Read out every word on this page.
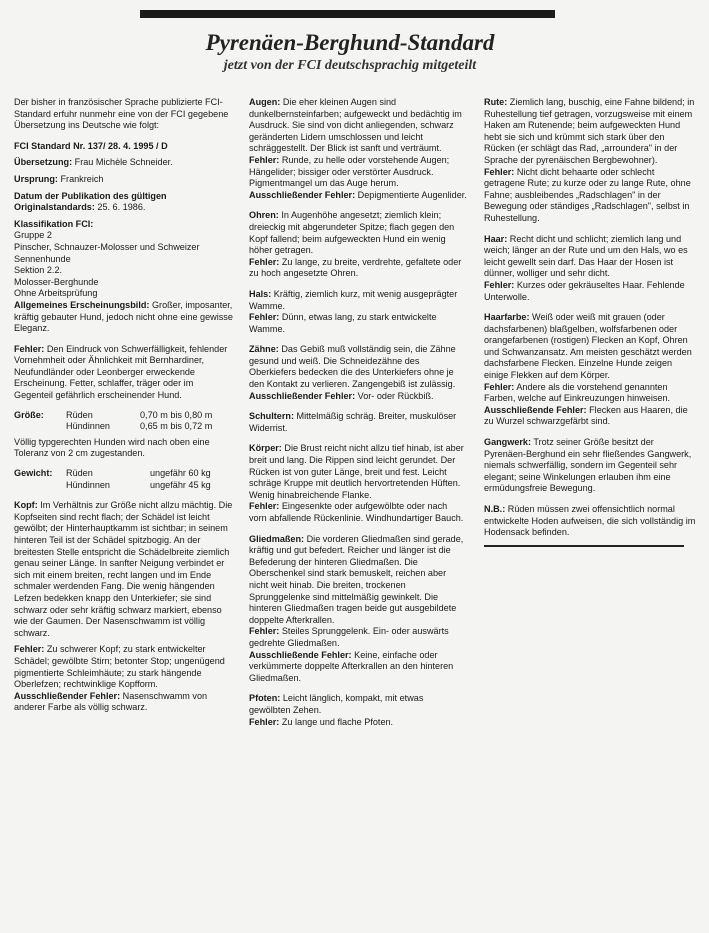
Pyrenäen-Berghund-Standard
jetzt von der FCI deutschsprachig mitgeteilt

Der bisher in französischer Sprache publizierte FCI-Standard erfuhr nunmehr eine von der FCI gegebene Übersetzung ins Deutsche wie folgt:

FCI Standard Nr. 137/ 28. 4. 1995 / D

Übersetzung: Frau Michèle Schneider.

Ursprung: Frankreich

Datum der Publikation des gültigen Originalstandards: 25. 6. 1986.

Klassifikation FCI:

Gruppe 2

Pinscher, Schnauzer-Molosser und Schweizer Sennenhunde

Sektion 2.2.

Molosser-Berghunde

Ohne Arbeitsprüfung

Allgemeines Erscheinungsbild: Großer, imposanter, kräftig gebauter Hund, jedoch nicht ohne eine gewisse Eleganz.

Fehler: Den Eindruck von Schwerfälligkeit, fehlender Vornehmheit oder Ähnlichkeit mit Bernhardiner, Neufundländer oder Leonberger erweckende Erscheinung. Fetter, schlaffer, träger oder im Gegenteil gefährlich erscheinender Hund.

Größe:	Rüden	0,70 m bis 0,80 m
	Hündinnen	0,65 m bis 0,72 m

Völlig typgerechten Hunden wird nach oben eine Toleranz von 2 cm zugestanden.

Gewicht:	Rüden	ungefähr 60 kg
	Hündinnen	ungefähr 45 kg

Kopf: Im Verhältnis zur Größe nicht allzu mächtig. Die Kopfseiten sind recht flach; der Schädel ist leicht gewölbt; der Hinterhauptkamm ist sichtbar; in seinem hinteren Teil ist der Schädel spitzbogig. An der breitesten Stelle entspricht die Schädelbreite ziemlich genau seiner Länge. In sanfter Neigung verbindet er sich mit einem breiten, recht langen und im Ende schmaler werdenden Fang. Die wenig hängenden Lefzen bedekken knapp den Unterkiefer; sie sind schwarz oder sehr kräftig schwarz markiert, ebenso wie der Gaumen. Der Nasenschwamm ist völlig schwarz.

Fehler: Zu schwerer Kopf; zu stark entwickelter Schädel; gewölbte Stirn; betonter Stop; ungenügend pigmentierte Schleimhäute; zu stark hängende Oberlefzen; rechtwinklige Kopfform.

Ausschließender Fehler: Nasenschwamm von anderer Farbe als völlig schwarz.

Augen: Die eher kleinen Augen sind dunkelbernsteinfarben; aufgeweckt und bedächtig im Ausdruck. Sie sind von dicht anliegenden, schwarz geränderten Lidern umschlossen und leicht schräggestellt. Der Blick ist sanft und verträumt.

Fehler: Runde, zu helle oder vorstehende Augen; Hängelider; bissiger oder verstörter Ausdruck. Pigmentmangel um das Auge herum.

Ausschließender Fehler: Depigmentierte Augenlider.

Ohren: In Augenhöhe angesetzt; ziemlich klein; dreieckig mit abgerundeter Spitze; flach gegen den Kopf fallend; beim aufgeweckten Hund ein wenig höher getragen.

Fehler: Zu lange, zu breite, verdrehte, gefaltete oder zu hoch angesetzte Ohren.

Hals: Kräftig, ziemlich kurz, mit wenig ausgeprägter Wamme.

Fehler: Dünn, etwas lang, zu stark entwickelte Wamme.

Zähne: Das Gebiß muß vollständig sein, die Zähne gesund und weiß. Die Schneidezähne des Oberkiefers bedecken die des Unterkiefers ohne je den Kontakt zu verlieren. Zangengebiß ist zulässig.

Ausschließender Fehler: Vor- oder Rückbiß.

Schultern: Mittelmäßig schräg. Breiter, muskulöser Widerrist.

Körper: Die Brust reicht nicht allzu tief hinab, ist aber breit und lang. Die Rippen sind leicht gerundet. Der Rücken ist von guter Länge, breit und fest. Leicht schräge Kruppe mit deutlich hervortretenden Hüften. Wenig hinabreichende Flanke.

Fehler: Eingesenkte oder aufgewölbte oder nach vorn abfallende Rückenlinie. Windhundartiger Bauch.

Gliedmaßen: Die vorderen Gliedmaßen sind gerade, kräftig und gut befedert. Reicher und länger ist die Befederung der hinteren Gliedmaßen. Die Oberschenkel sind stark bemuskelt, reichen aber nicht weit hinab. Die breiten, trockenen Sprunggelenke sind mittelmäßig gewinkelt. Die hinteren Gliedmaßen tragen beide gut ausgebildete doppelte Afterkrallen.

Fehler: Steiles Sprunggelenk. Ein- oder auswärts gedrehte Gliedmaßen.

Ausschließende Fehler: Keine, einfache oder verkümmerte doppelte Afterkrallen an den hinteren Gliedmaßen.

Pfoten: Leicht länglich, kompakt, mit etwas gewölbten Zehen.

Fehler: Zu lange und flache Pfoten.

Rute: Ziemlich lang, buschig, eine Fahne bildend; in Ruhestellung tief getragen, vorzugsweise mit einem Haken am Rutenende; beim aufgeweckten Hund hebt sie sich und krümmt sich stark über den Rücken (er schlägt das Rad, „arroundera" in der Sprache der pyrenäischen Bergbewohner).

Fehler: Nicht dicht behaarte oder schlecht getragene Rute; zu kurze oder zu lange Rute, ohne Fahne; ausbleibendes „Radschlagen" in der Bewegung oder ständiges „Radschlagen", selbst in Ruhestellung.

Haar: Recht dicht und schlicht; ziemlich lang und weich; länger an der Rute und um den Hals, wo es leicht gewellt sein darf. Das Haar der Hosen ist dünner, wolliger und sehr dicht.

Fehler: Kurzes oder gekräuseltes Haar. Fehlende Unterwolle.

Haarfarbe: Weiß oder weiß mit grauen (oder dachsfarbenen) blaßgelben, wolfsfarbenen oder orangefarbenen (rostigen) Flecken an Kopf, Ohren und Schwanzansatz. Am meisten geschätzt werden dachsfarbene Flecken. Einzelne Hunde zeigen einige Flekken auf dem Körper.

Fehler: Andere als die vorstehend genannten Farben, welche auf Einkreuzungen hinweisen.

Ausschließende Fehler: Flecken aus Haaren, die zu Wurzel schwarzgefärbt sind.

Gangwerk: Trotz seiner Größe besitzt der Pyrenäen-Berghund ein sehr fließendes Gangwerk, niemals schwerfällig, sondern im Gegenteil sehr elegant; seine Winkelungen erlauben ihm eine ermüdungsfreie Bewegung.

N.B.: Rüden müssen zwei offensichtlich normal entwickelte Hoden aufweisen, die sich vollständig im Hodensack befinden.
